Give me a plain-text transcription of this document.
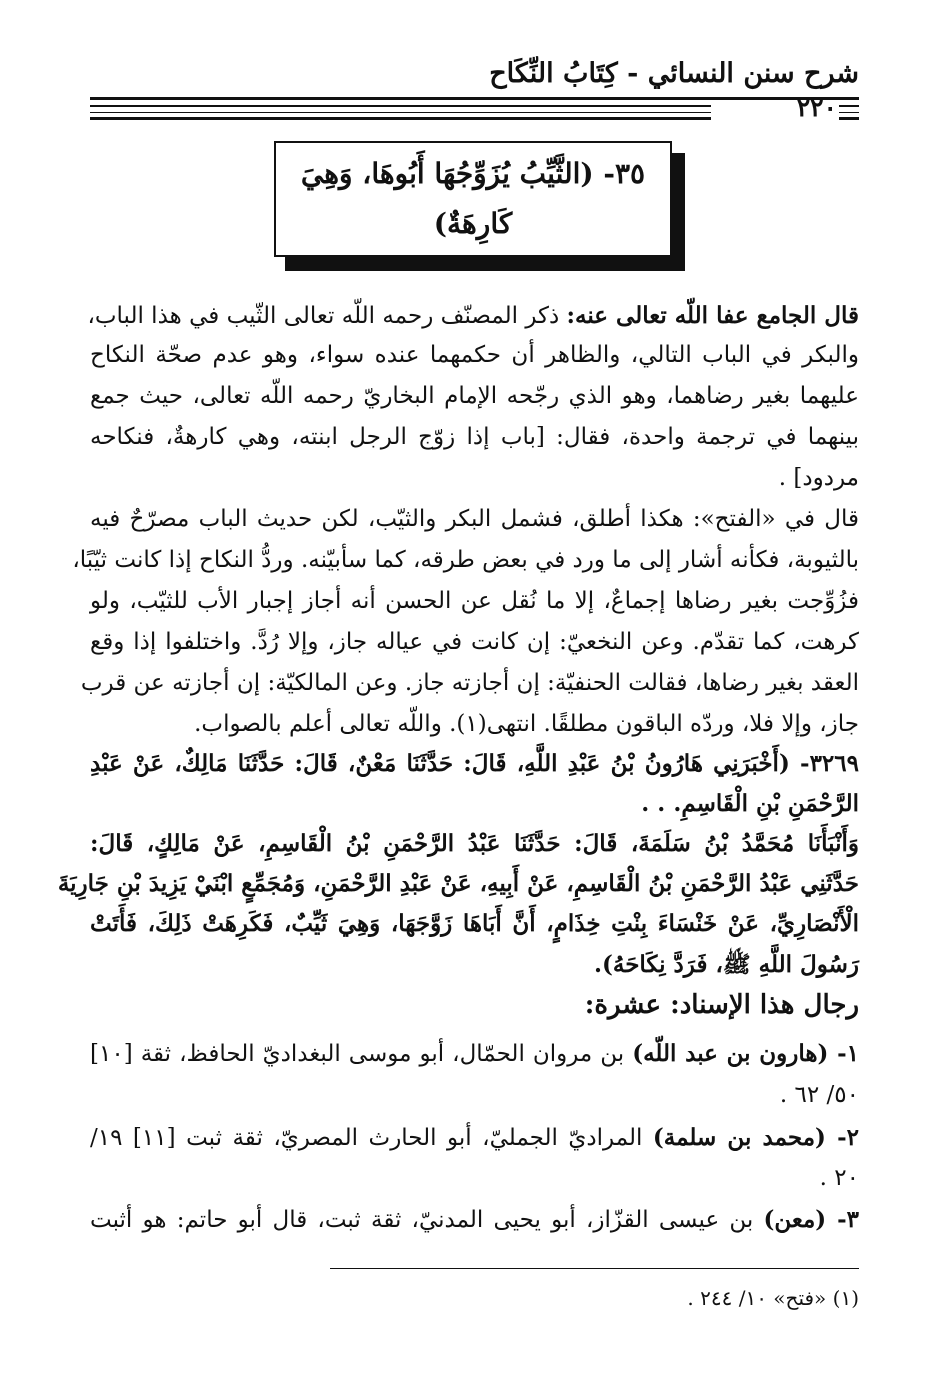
شرح سنن النسائي - كِتَابُ النِّكَاح
٢٢٠
٣٥- (الثَّيِّبُ يُزَوِّجُهَا أَبُوهَا، وَهِيَ
كَارِهَةٌ)
قال الجامع عفا اللّه تعالى عنه: ذكر المصنّف رحمه اللّه تعالى الثّيب في هذا الباب،
والبكر في الباب التالي، والظاهر أن حكمهما عنده سواء، وهو عدم صحّة النكاح
عليهما بغير رضاهما، وهو الذي رجّحه الإمام البخاريّ رحمه اللّه تعالى، حيث جمع
بينهما في ترجمة واحدة، فقال: [باب إذا زوّج الرجل ابنته، وهي كارهةٌ، فنكاحه
مردود] .
قال في «الفتح»: هكذا أطلق، فشمل البكر والثيّب، لكن حديث الباب مصرّحٌ فيه
بالثيوبة، فكأنه أشار إلى ما ورد في بعض طرقه، كما سأبيّنه. وردُّ النكاح إذا كانت ثيّبًا،
فزُوِّجت بغير رضاها إجماعٌ، إلا ما نُقل عن الحسن أنه أجاز إجبار الأب للثيّب، ولو
كرهت، كما تقدّم. وعن النخعيّ: إن كانت في عياله جاز، وإلا رُدَّ. واختلفوا إذا وقع
العقد بغير رضاها، فقالت الحنفيّة: إن أجازته جاز. وعن المالكيّة: إن أجازته عن قرب
جاز، وإلا فلا، وردّه الباقون مطلقًا. انتهى(١). واللّه تعالى أعلم بالصواب.
٣٢٦٩- (أَخْبَرَنِي هَارُونُ بْنُ عَبْدِ اللَّهِ، قَالَ: حَدَّثَنَا مَعْنٌ، قَالَ: حَدَّثَنَا مَالِكٌ، عَنْ عَبْدِ
الرَّحْمَنِ بْنِ الْقَاسِمِ. . .
وَأَنْبَأَنَا مُحَمَّدُ بْنُ سَلَمَةَ، قَالَ: حَدَّثَنَا عَبْدُ الرَّحْمَنِ بْنُ الْقَاسِمِ، عَنْ مَالِكٍ، قَالَ:
حَدَّثَنِي عَبْدُ الرَّحْمَنِ بْنُ الْقَاسِمِ، عَنْ أَبِيهِ، عَنْ عَبْدِ الرَّحْمَنِ، وَمُجَمِّعٍ ابْنَيْ يَزِيدَ بْنِ جَارِيَةَ
الْأَنْصَارِيِّ، عَنْ خَنْسَاءَ بِنْتِ خِذَامٍ، أَنَّ أَبَاهَا زَوَّجَهَا، وَهِيَ ثَيِّبٌ، فَكَرِهَتْ ذَلِكَ، فَأَتَتْ
رَسُولَ اللَّهِ ﷺ، فَرَدَّ نِكَاحَهُ).
رجال هذا الإسناد: عشرة:
١- (هارون بن عبد اللّه) بن مروان الحمّال، أبو موسى البغداديّ الحافظ، ثقة [١٠]
٥٠/ ٦٢ .
٢- (محمد بن سلمة) المراديّ الجمليّ، أبو الحارث المصريّ، ثقة ثبت [١١] ١٩/
٢٠ .
٣- (معن) بن عيسى القزّاز، أبو يحيى المدنيّ، ثقة ثبت، قال أبو حاتم: هو أثبت
(١) «فتح» ١٠/ ٢٤٤ .
